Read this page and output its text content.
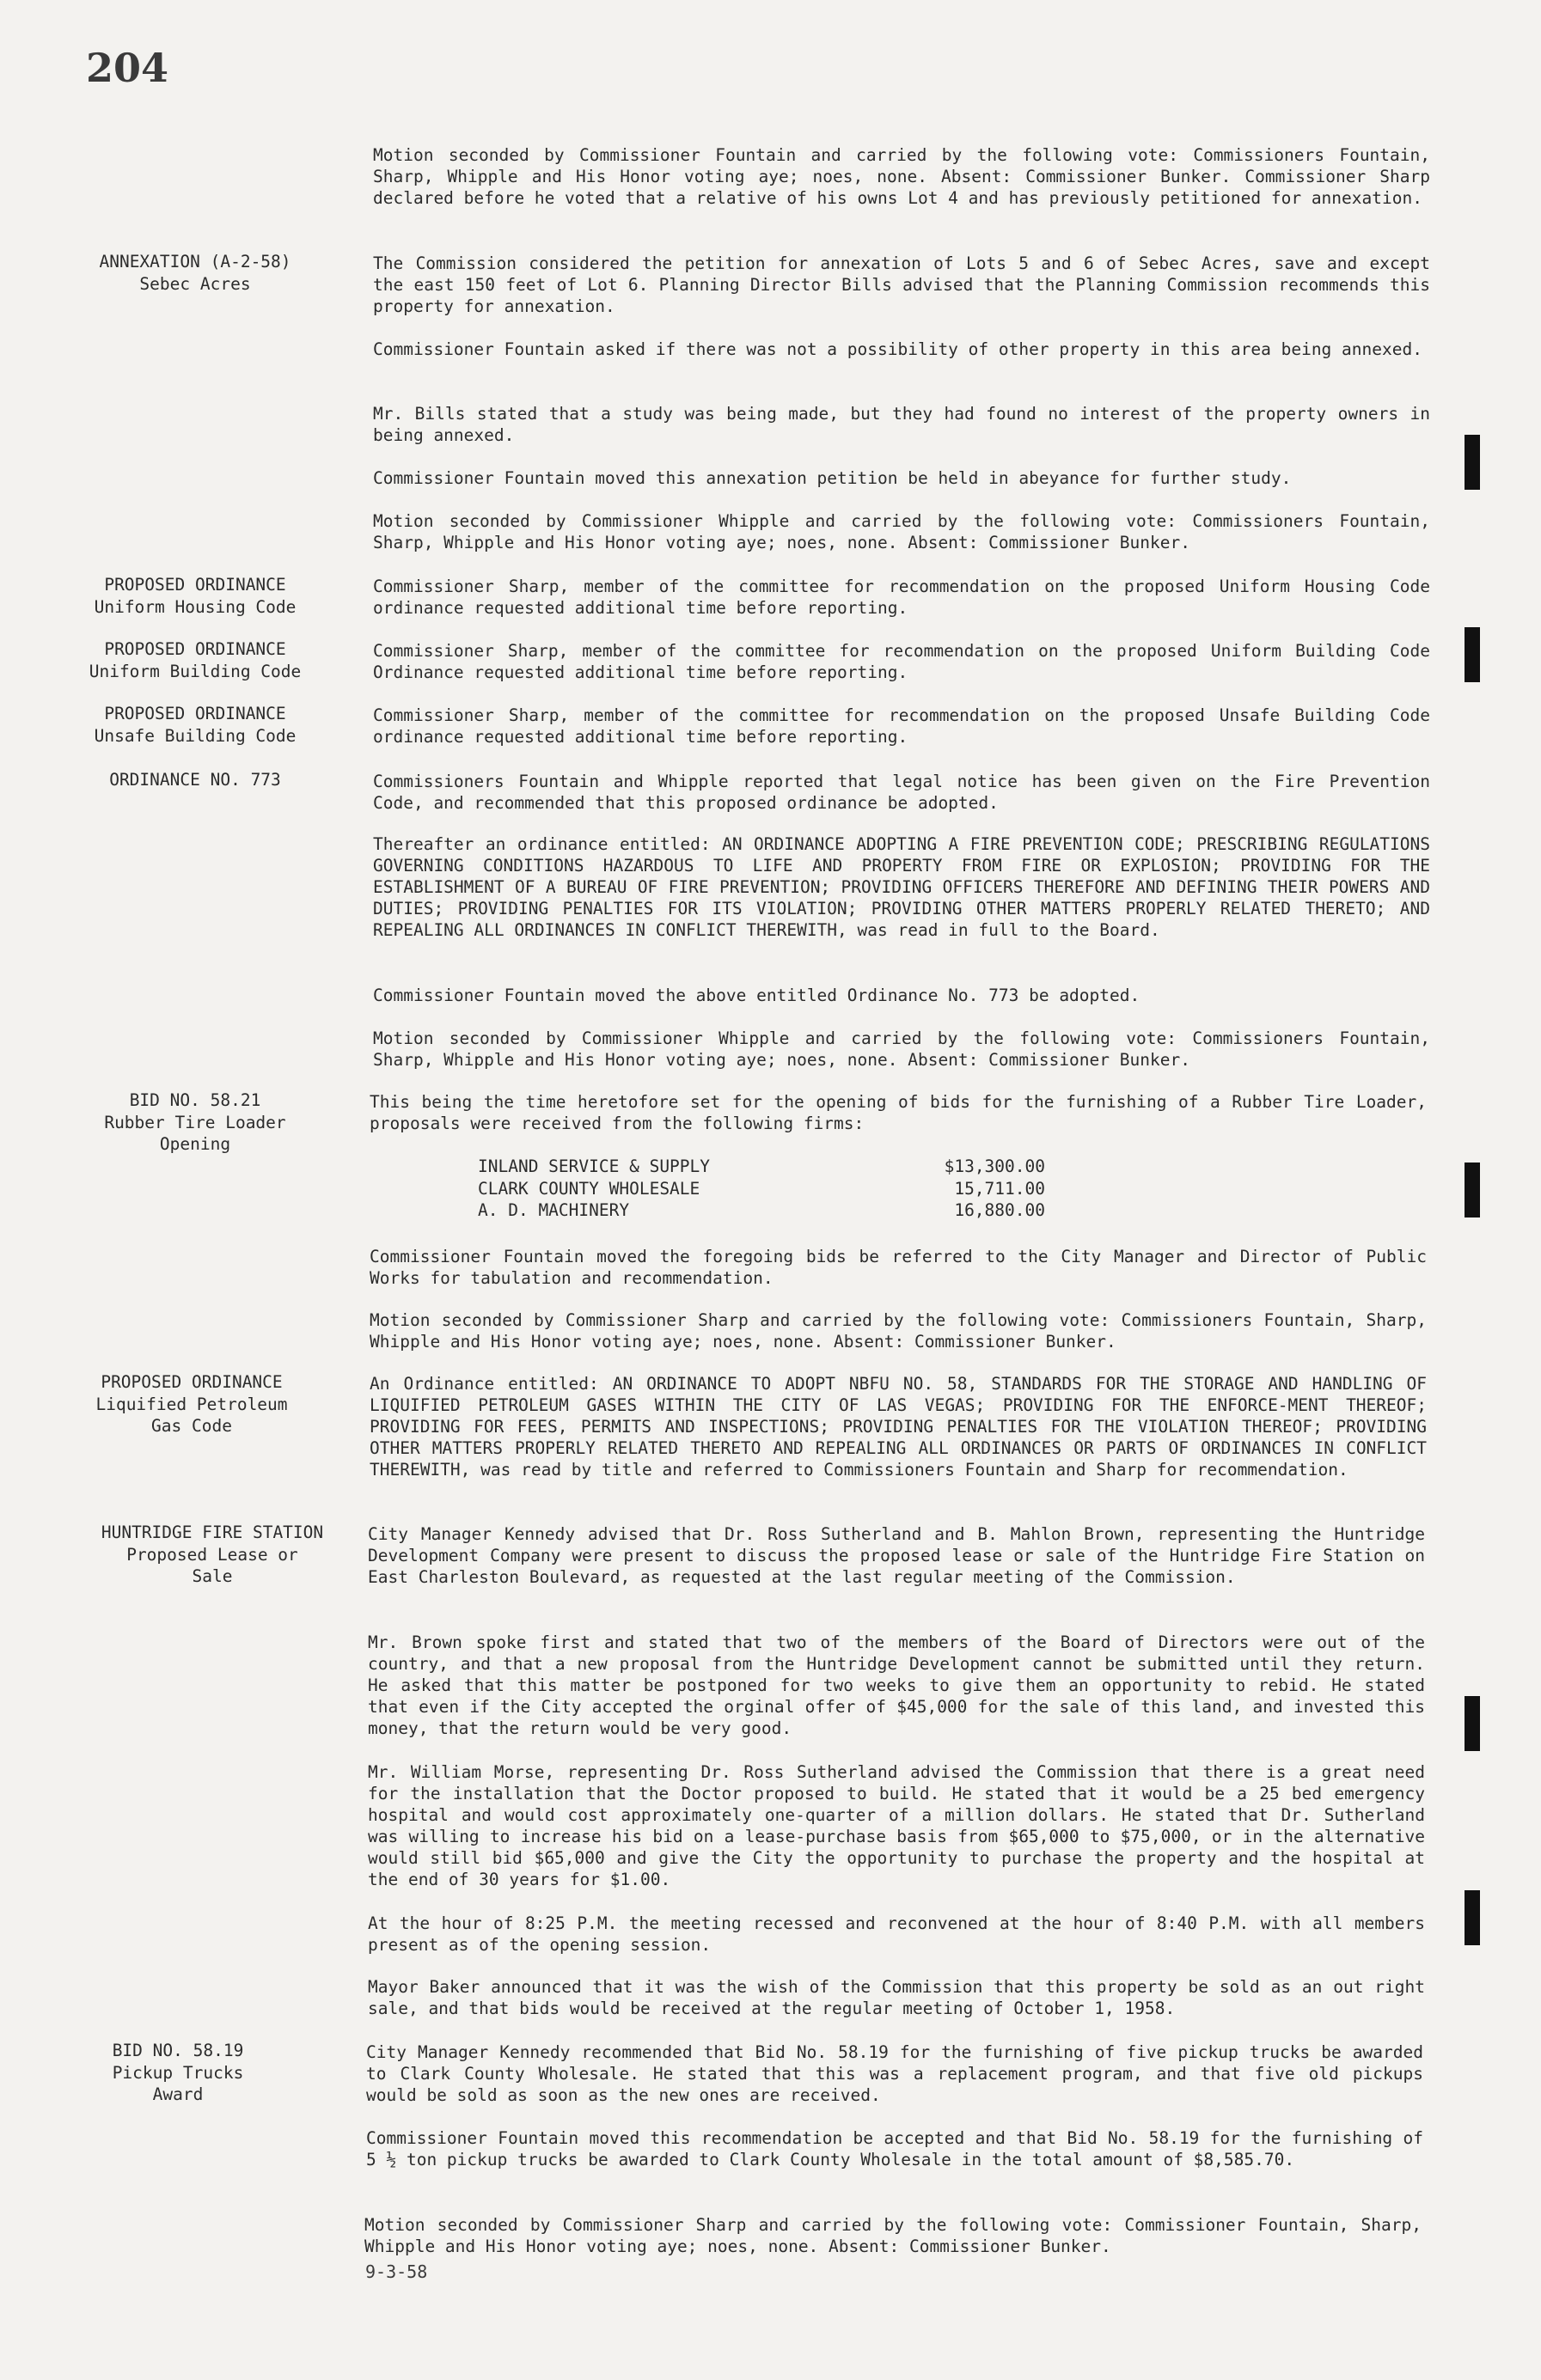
204
Motion seconded by Commissioner Fountain and carried by the following vote: Commissioners Fountain, Sharp, Whipple and His Honor voting aye; noes, none. Absent: Commissioner Bunker. Commissioner Sharp declared before he voted that a relative of his owns Lot 4 and has previously petitioned for annexation.
ANNEXATION (A-2-58)
Sebec Acres
The Commission considered the petition for annexation of Lots 5 and 6 of Sebec Acres, save and except the east 150 feet of Lot 6. Planning Director Bills advised that the Planning Commission recommends this property for annexation.
Commissioner Fountain asked if there was not a possibility of other property in this area being annexed.
Mr. Bills stated that a study was being made, but they had found no interest of the property owners in being annexed.
Commissioner Fountain moved this annexation petition be held in abeyance for further study.
Motion seconded by Commissioner Whipple and carried by the following vote: Commissioners Fountain, Sharp, Whipple and His Honor voting aye; noes, none. Absent: Commissioner Bunker.
PROPOSED ORDINANCE
Uniform Housing Code
Commissioner Sharp, member of the committee for recommendation on the proposed Uniform Housing Code ordinance requested additional time before reporting.
PROPOSED ORDINANCE
Uniform Building Code
Commissioner Sharp, member of the committee for recommendation on the proposed Uniform Building Code Ordinance requested additional time before reporting.
PROPOSED ORDINANCE
Unsafe Building Code
Commissioner Sharp, member of the committee for recommendation on the proposed Unsafe Building Code ordinance requested additional time before reporting.
ORDINANCE NO. 773	Commissioners Fountain and Whipple reported that legal notice has been given on the Fire Prevention Code, and recommended that this proposed ordinance be adopted.
Thereafter an ordinance entitled: AN ORDINANCE ADOPTING A FIRE PREVENTION CODE; PRESCRIBING REGULATIONS GOVERNING CONDITIONS HAZARDOUS TO LIFE AND PROPERTY FROM FIRE OR EXPLOSION; PROVIDING FOR THE ESTABLISHMENT OF A BUREAU OF FIRE PREVENTION; PROVIDING OFFICERS THEREFORE AND DEFINING THEIR POWERS AND DUTIES; PROVIDING PENALTIES FOR ITS VIOLATION; PROVIDING OTHER MATTERS PROPERLY RELATED THERETO; AND REPEALING ALL ORDINANCES IN CONFLICT THEREWITH, was read in full to the Board.
Commissioner Fountain moved the above entitled Ordinance No. 773 be adopted.
Motion seconded by Commissioner Whipple and carried by the following vote: Commissioners Fountain, Sharp, Whipple and His Honor voting aye; noes, none. Absent: Commissioner Bunker.
BID NO. 58.21
Rubber Tire Loader
Opening
This being the time heretofore set for the opening of bids for the furnishing of a Rubber Tire Loader, proposals were received from the following firms:
INLAND SERVICE & SUPPLY	$13,300.00
CLARK COUNTY WHOLESALE	15,711.00
A. D. MACHINERY	16,880.00
Commissioner Fountain moved the foregoing bids be referred to the City Manager and Director of Public Works for tabulation and recommendation.
Motion seconded by Commissioner Sharp and carried by the following vote: Commissioners Fountain, Sharp, Whipple and His Honor voting aye; noes, none. Absent: Commissioner Bunker.
PROPOSED ORDINANCE
Liquified Petroleum
Gas Code
An Ordinance entitled: AN ORDINANCE TO ADOPT NBFU NO. 58, STANDARDS FOR THE STORAGE AND HANDLING OF LIQUIFIED PETROLEUM GASES WITHIN THE CITY OF LAS VEGAS; PROVIDING FOR THE ENFORCE-MENT THEREOF; PROVIDING FOR FEES, PERMITS AND INSPECTIONS; PROVIDING PENALTIES FOR THE VIOLATION THEREOF; PROVIDING OTHER MATTERS PROPERLY RELATED THERETO AND REPEALING ALL ORDINANCES OR PARTS OF ORDINANCES IN CONFLICT THEREWITH, was read by title and referred to Commissioners Fountain and Sharp for recommendation.
HUNTRIDGE FIRE STATION
Proposed Lease or
Sale
City Manager Kennedy advised that Dr. Ross Sutherland and B. Mahlon Brown, representing the Huntridge Development Company were present to discuss the proposed lease or sale of the Huntridge Fire Station on East Charleston Boulevard, as requested at the last regular meeting of the Commission.
Mr. Brown spoke first and stated that two of the members of the Board of Directors were out of the country, and that a new proposal from the Huntridge Development cannot be submitted until they return. He asked that this matter be postponed for two weeks to give them an opportunity to rebid. He stated that even if the City accepted the orginal offer of $45,000 for the sale of this land, and invested this money, that the return would be very good.
Mr. William Morse, representing Dr. Ross Sutherland advised the Commission that there is a great need for the installation that the Doctor proposed to build. He stated that it would be a 25 bed emergency hospital and would cost approximately one-quarter of a million dollars. He stated that Dr. Sutherland was willing to increase his bid on a lease-purchase basis from $65,000 to $75,000, or in the alternative would still bid $65,000 and give the City the opportunity to purchase the property and the hospital at the end of 30 years for $1.00.
At the hour of 8:25 P.M. the meeting recessed and reconvened at the hour of 8:40 P.M. with all members present as of the opening session.
Mayor Baker announced that it was the wish of the Commission that this property be sold as an out right sale, and that bids would be received at the regular meeting of October 1, 1958.
BID NO. 58.19
Pickup Trucks
Award
City Manager Kennedy recommended that Bid No. 58.19 for the furnishing of five pickup trucks be awarded to Clark County Wholesale. He stated that this was a replacement program, and that five old pickups would be sold as soon as the new ones are received.
Commissioner Fountain moved this recommendation be accepted and that Bid No. 58.19 for the furnishing of 5 ½ ton pickup trucks be awarded to Clark County Wholesale in the total amount of $8,585.70.
Motion seconded by Commissioner Sharp and carried by the following vote: Commissioner Fountain, Sharp, Whipple and His Honor voting aye; noes, none. Absent: Commissioner Bunker.
9-3-58
